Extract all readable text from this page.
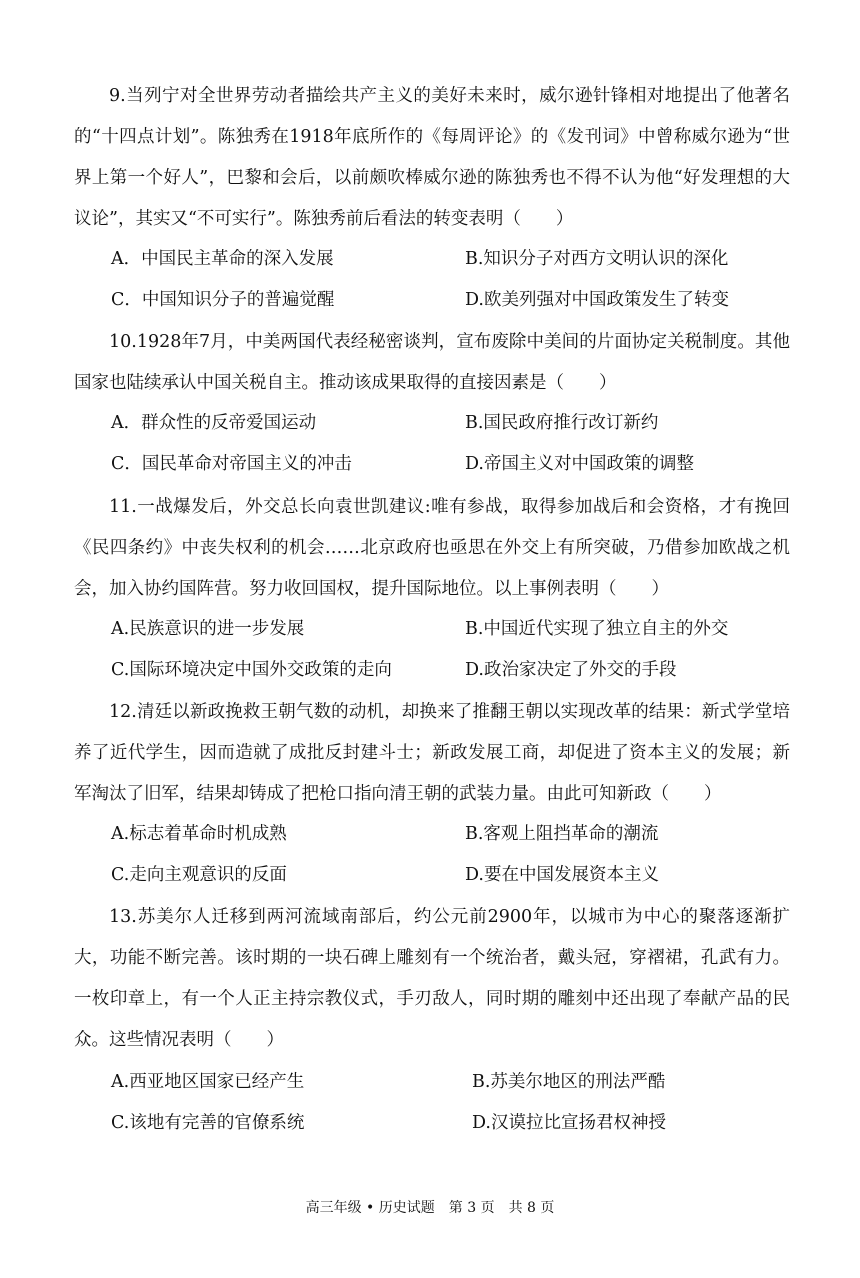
9.当列宁对全世界劳动者描绘共产主义的美好未来时，威尔逊针锋相对地提出了他著名的“十四点计划”。陈独秀在1918年底所作的《每周评论》的《发刊词》中曾称威尔逊为“世界上第一个好人”，巴黎和会后，以前颇吹棒威尔逊的陈独秀也不得不认为他“好发理想的大议论”，其实又“不可实行”。陈独秀前后看法的转变表明（　　）

A．中国民主革命的深入发展	B.知识分子对西方文明认识的深化

C．中国知识分子的普遍觉醒	D.欧美列强对中国政策发生了转变

10.1928年7月，中美两国代表经秘密谈判，宣布废除中美间的片面协定关税制度。其他国家也陆续承认中国关税自主。推动该成果取得的直接因素是（　　）

A．群众性的反帝爱国运动	B.国民政府推行改订新约

C．国民革命对帝国主义的冲击	D.帝国主义对中国政策的调整

11.一战爆发后，外交总长向袁世凯建议:唯有参战，取得参加战后和会资格，才有挽回《民四条约》中丧失权利的机会……北京政府也亟思在外交上有所突破，乃借参加欧战之机会，加入协约国阵营。努力收回国权，提升国际地位。以上事例表明（　　）

A.民族意识的进一步发展	B.中国近代实现了独立自主的外交

C.国际环境决定中国外交政策的走向	D.政治家决定了外交的手段

12.清廷以新政挽救王朝气数的动机，却换来了推翻王朝以实现改革的结果：新式学堂培养了近代学生，因而造就了成批反封建斗士；新政发展工商，却促进了资本主义的发展；新军淘汰了旧军，结果却铸成了把枪口指向清王朝的武装力量。由此可知新政（　　）

A.标志着革命时机成熟	B.客观上阻挡革命的潮流

C.走向主观意识的反面	D.要在中国发展资本主义

13.苏美尔人迁移到两河流域南部后，约公元前2900年，以城市为中心的聚落逐渐扩大，功能不断完善。该时期的一块石碑上雕刻有一个统治者，戴头冠，穿褶裙，孔武有力。一枚印章上，有一个人正主持宗教仪式，手刃敌人，同时期的雕刻中还出现了奉献产品的民众。这些情况表明（　　）

A.西亚地区国家已经产生	B.苏美尔地区的刑法严酷

C.该地有完善的官僚系统	D.汉谟拉比宣扬君权神授

高三年级 • 历史试题　第 3 页　共 8 页
